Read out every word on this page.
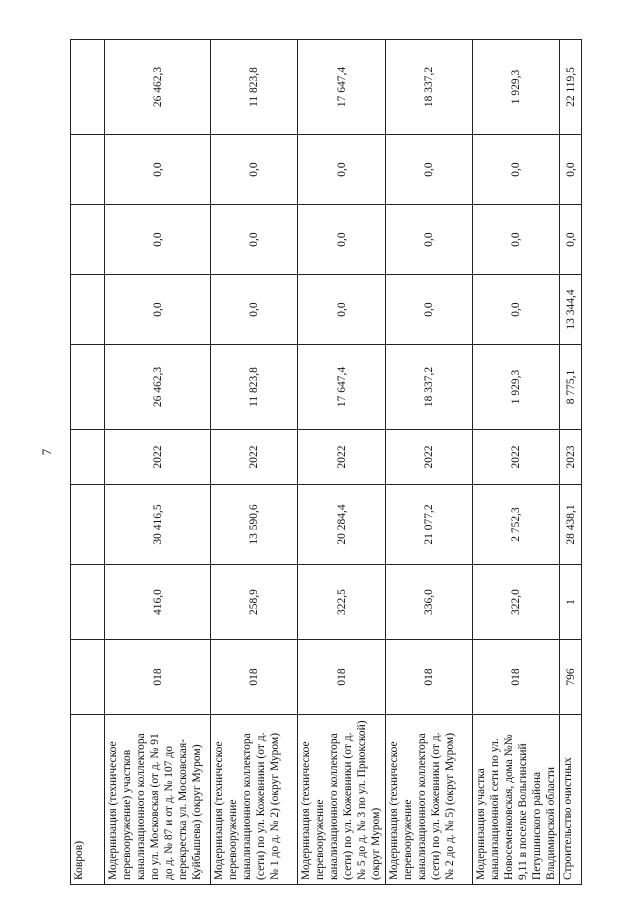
7
Ковров)									
Модернизация (техническое перевооружение) участков канализационного коллектора по ул. Московская (от д. № 91 до д. № 87 и от д. № 107 до перекрестка ул. Московская-Куйбышева) (округ Муром)	018	416,0	30 416,5	2022	26 462,3	0,0	0,0	0,0	26 462,3
Модернизация (техническое перевооружение канализационного коллектора (сети) по ул. Кожевники (от д. № 1 до д. № 2) (округ Муром)	018	258,9	13 590,6	2022	11 823,8	0,0	0,0	0,0	11 823,8
Модернизация (техническое перевооружение канализационного коллектора (сети) по ул. Кожевники (от д. № 5 до д. № 3 по ул. Приокской) (округ Муром)	018	322,5	20 284,4	2022	17 647,4	0,0	0,0	0,0	17 647,4
Модернизация (техническое перевооружение канализационного коллектора (сети) по ул. Кожевники (от д. № 2 до д. № 5) (округ Муром)	018	336,0	21 077,2	2022	18 337,2	0,0	0,0	0,0	18 337,2
Модернизация участка канализационной сети по ул. Новосеменковская, дома №№ 9,11 в поселке Вольгинский Петушинского района Владимирской области	018	322,0	2 752,3	2022	1 929,3	0,0	0,0	0,0	1 929,3
Строительство очистных	796	1	28 438,1	2023	8 775,1	13 344,4	0,0	0,0	22 119,5
